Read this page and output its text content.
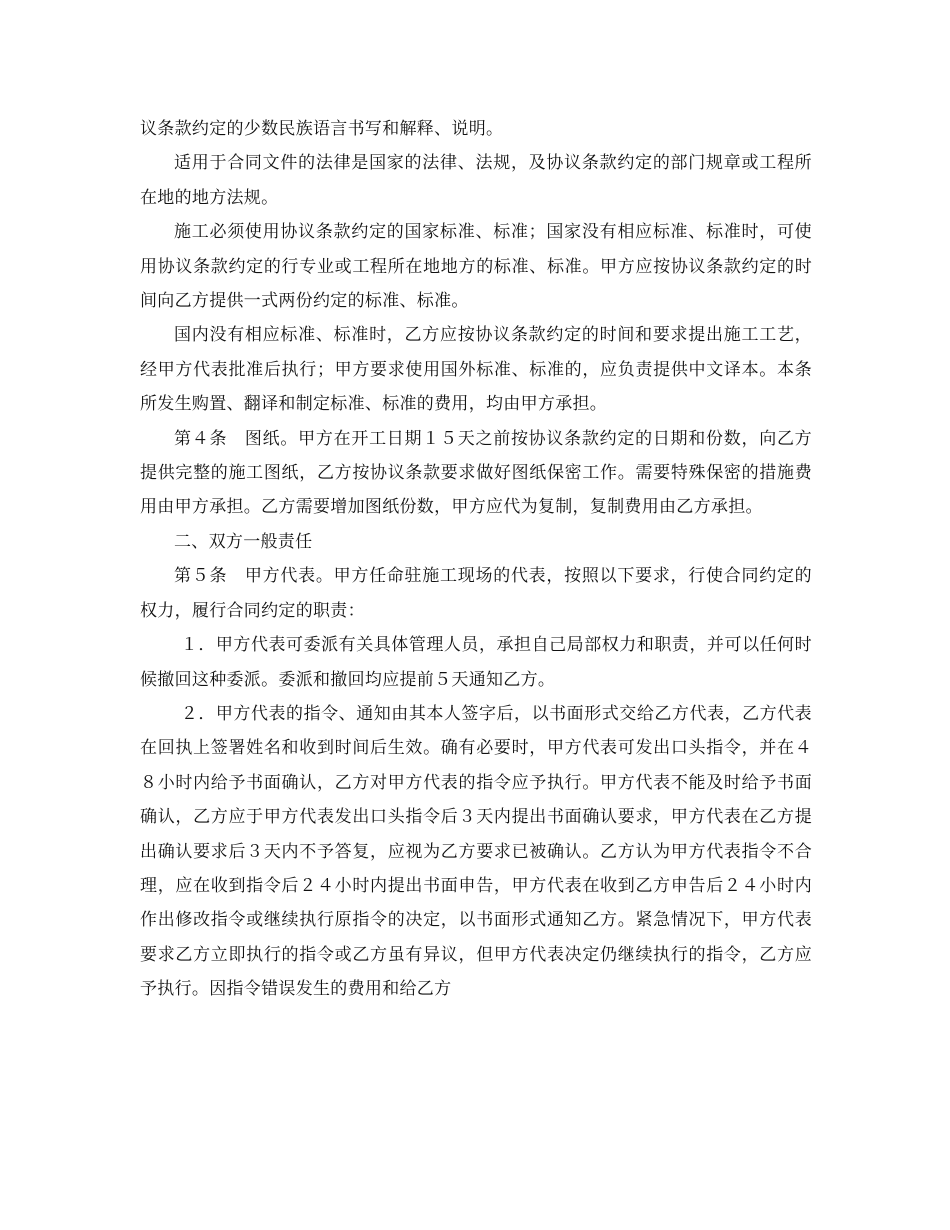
议条款约定的少数民族语言书写和解释、说明。

适用于合同文件的法律是国家的法律、法规，及协议条款约定的部门规章或工程所在地的地方法规。

施工必须使用协议条款约定的国家标准、标准；国家没有相应标准、标准时，可使用协议条款约定的行专业或工程所在地地方的标准、标准。甲方应按协议条款约定的时间向乙方提供一式两份约定的标准、标准。

国内没有相应标准、标准时，乙方应按协议条款约定的时间和要求提出施工工艺，经甲方代表批准后执行；甲方要求使用国外标准、标准的，应负责提供中文译本。本条所发生购置、翻译和制定标准、标准的费用，均由甲方承担。

第４条　图纸。甲方在开工日期１５天之前按协议条款约定的日期和份数，向乙方提供完整的施工图纸，乙方按协议条款要求做好图纸保密工作。需要特殊保密的措施费用由甲方承担。乙方需要增加图纸份数，甲方应代为复制，复制费用由乙方承担。

二、双方一般责任

第５条　甲方代表。甲方任命驻施工现场的代表，按照以下要求，行使合同约定的权力，履行合同约定的职责：

１．甲方代表可委派有关具体管理人员，承担自己局部权力和职责，并可以任何时候撤回这种委派。委派和撤回均应提前５天通知乙方。

２．甲方代表的指令、通知由其本人签字后，以书面形式交给乙方代表，乙方代表在回执上签署姓名和收到时间后生效。确有必要时，甲方代表可发出口头指令，并在４８小时内给予书面确认，乙方对甲方代表的指令应予执行。甲方代表不能及时给予书面确认，乙方应于甲方代表发出口头指令后３天内提出书面确认要求，甲方代表在乙方提出确认要求后３天内不予答复，应视为乙方要求已被确认。乙方认为甲方代表指令不合理，应在收到指令后２４小时内提出书面申告，甲方代表在收到乙方申告后２４小时内作出修改指令或继续执行原指令的决定，以书面形式通知乙方。紧急情况下，甲方代表要求乙方立即执行的指令或乙方虽有异议，但甲方代表决定仍继续执行的指令，乙方应予执行。因指令错误发生的费用和给乙方
